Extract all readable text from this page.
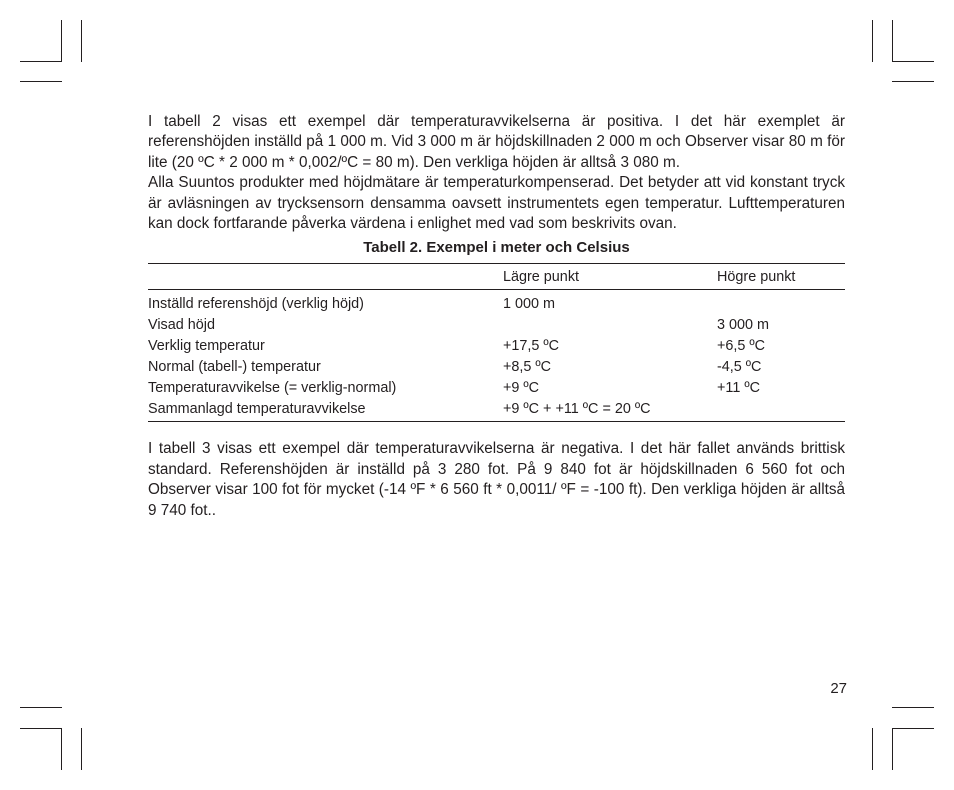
I tabell 2 visas ett exempel där temperaturavvikelserna är positiva. I det här exemplet är referenshöjden inställd på 1 000 m. Vid 3 000 m är höjdskillnaden 2 000 m och Observer visar 80 m för lite (20 ºC * 2 000 m * 0,002/ºC = 80 m). Den verkliga höjden är alltså 3 080 m.

Alla Suuntos produkter med höjdmätare är temperaturkompenserad. Det betyder att vid konstant tryck är avläsningen av trycksensorn densamma oavsett instrumentets egen temperatur. Lufttemperaturen kan dock fortfarande påverka värdena i enlighet med vad som beskrivits ovan.

Tabell 2. Exempel i meter och Celsius
	Lägre punkt	Högre punkt
Inställd referenshöjd (verklig höjd)	1 000 m	
Visad höjd		3 000 m
Verklig temperatur	+17,5 ºC	+6,5 ºC
Normal (tabell-) temperatur	+8,5 ºC	-4,5 ºC
Temperaturavvikelse (= verklig-normal)	+9 ºC	+11 ºC
Sammanlagd temperaturavvikelse	+9 ºC + +11 ºC = 20 ºC	

I tabell 3 visas ett exempel där temperaturavvikelserna är negativa. I det här fallet används brittisk standard. Referenshöjden är inställd på 3 280 fot. På 9 840 fot är höjdskillnaden 6 560 fot och Observer visar 100 fot för mycket (-14 ºF * 6 560 ft * 0,0011/ ºF = -100 ft). Den verkliga höjden är alltså 9 740 fot..

27
